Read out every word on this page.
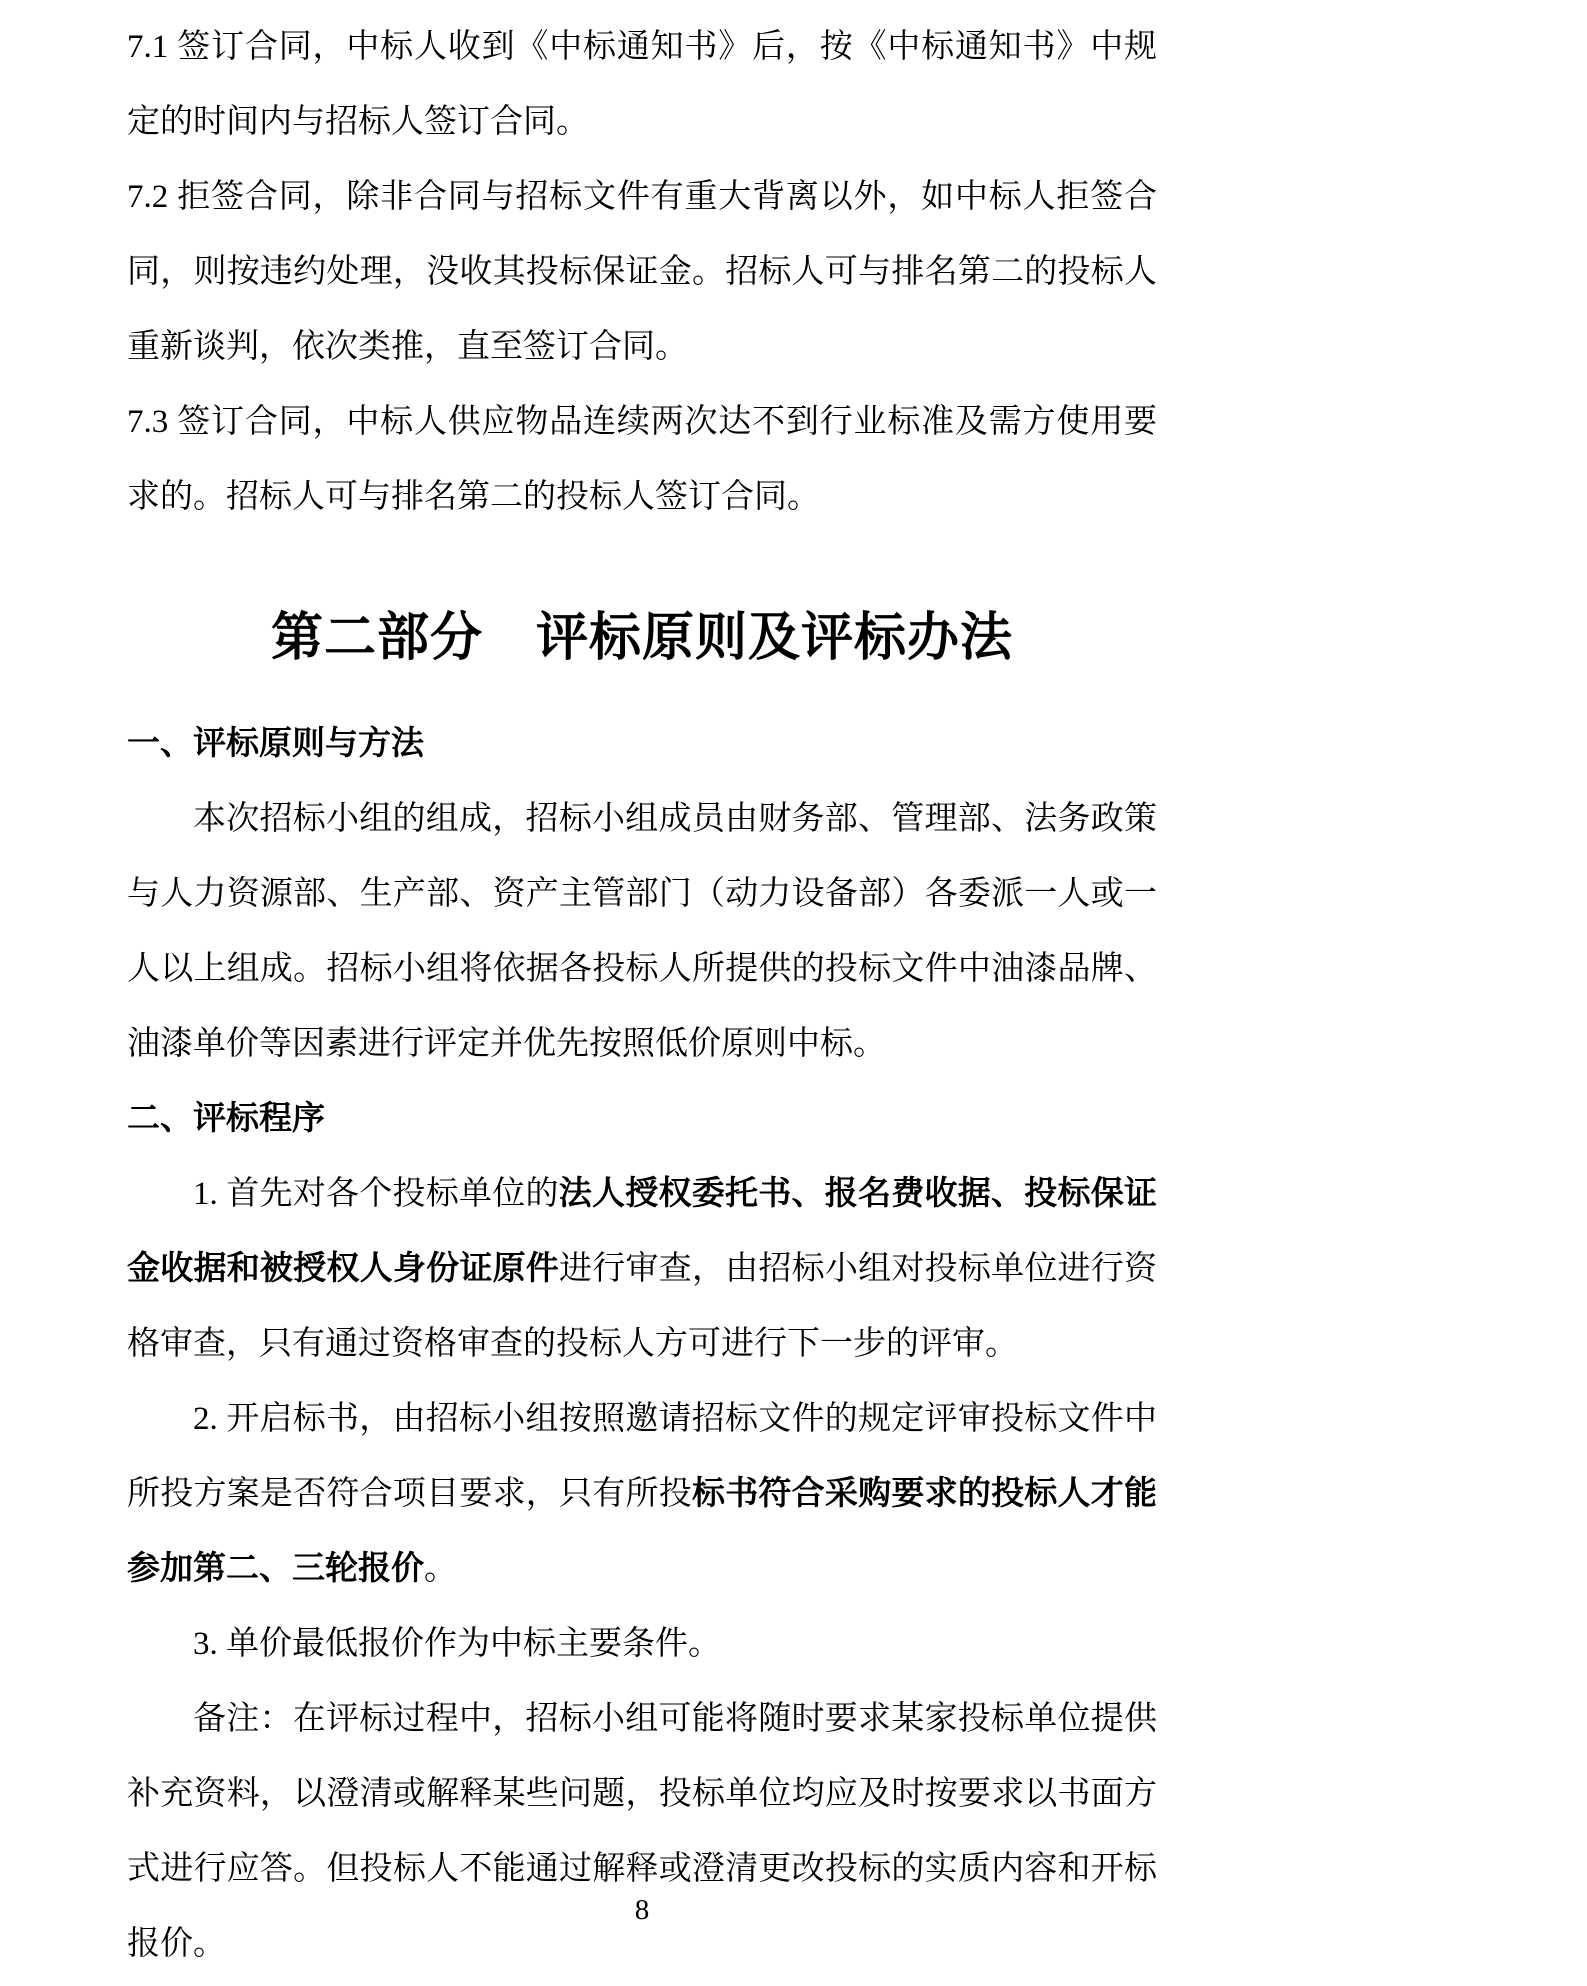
7.1 签订合同，中标人收到《中标通知书》后，按《中标通知书》中规定的时间内与招标人签订合同。

7.2 拒签合同，除非合同与招标文件有重大背离以外，如中标人拒签合同，则按违约处理，没收其投标保证金。招标人可与排名第二的投标人重新谈判，依次类推，直至签订合同。

7.3 签订合同，中标人供应物品连续两次达不到行业标准及需方使用要求的。招标人可与排名第二的投标人签订合同。

第二部分　评标原则及评标办法
一、评标原则与方法

本次招标小组的组成，招标小组成员由财务部、管理部、法务政策与人力资源部、生产部、资产主管部门（动力设备部）各委派一人或一人以上组成。招标小组将依据各投标人所提供的投标文件中油漆品牌、油漆单价等因素进行评定并优先按照低价原则中标。

二、评标程序

1. 首先对各个投标单位的法人授权委托书、报名费收据、投标保证金收据和被授权人身份证原件进行审查，由招标小组对投标单位进行资格审查，只有通过资格审查的投标人方可进行下一步的评审。

2. 开启标书，由招标小组按照邀请招标文件的规定评审投标文件中所投方案是否符合项目要求，只有所投标书符合采购要求的投标人才能参加第二、三轮报价。

3. 单价最低报价作为中标主要条件。

备注：在评标过程中，招标小组可能将随时要求某家投标单位提供补充资料，以澄清或解释某些问题，投标单位均应及时按要求以书面方式进行应答。但投标人不能通过解释或澄清更改投标的实质内容和开标报价。

8
